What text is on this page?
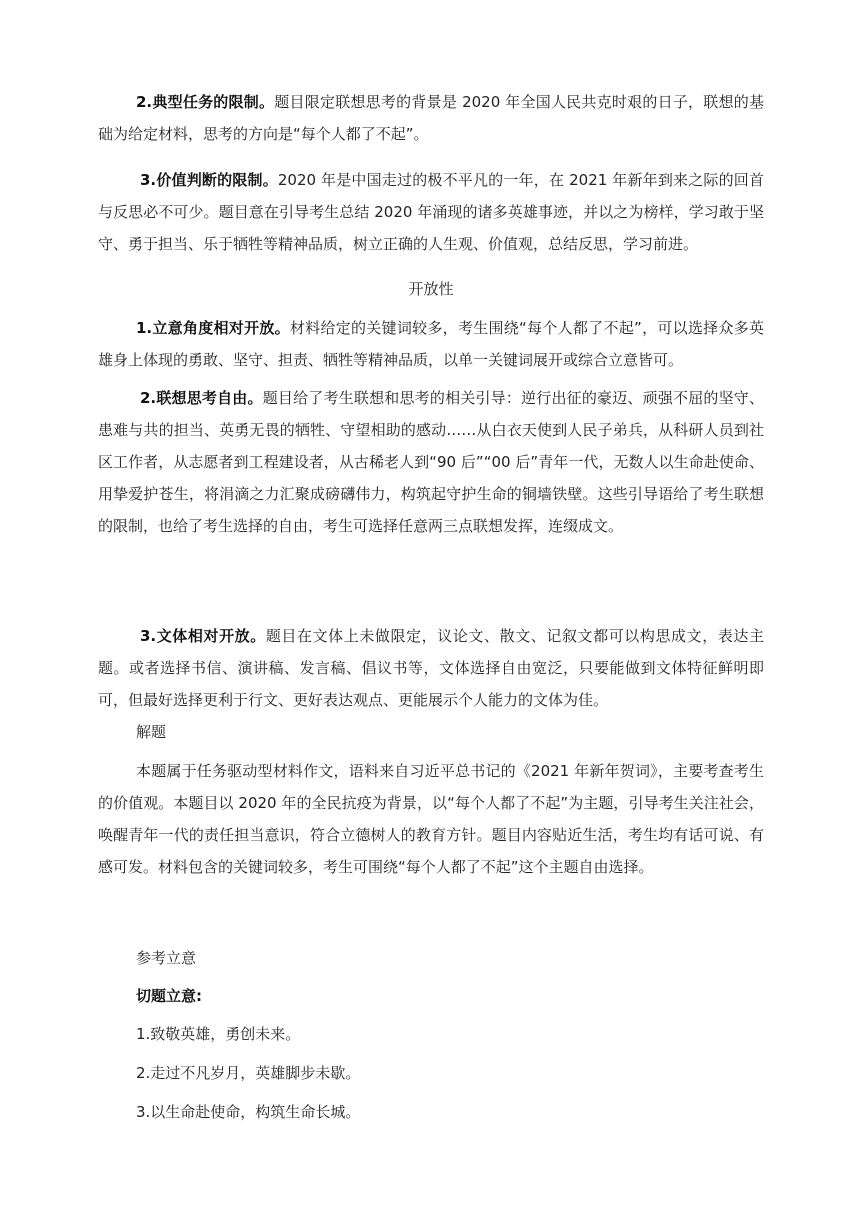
2.典型任务的限制。题目限定联想思考的背景是 2020 年全国人民共克时艰的日子，联想的基础为给定材料，思考的方向是“每个人都了不起”。

3.价值判断的限制。2020 年是中国走过的极不平凡的一年，在 2021 年新年到来之际的回首与反思必不可少。题目意在引导考生总结 2020 年涌现的诸多英雄事迹，并以之为榜样，学习敢于坚守、勇于担当、乐于牺牲等精神品质，树立正确的人生观、价值观，总结反思，学习前进。

开放性

1.立意角度相对开放。材料给定的关键词较多，考生围绕“每个人都了不起”，可以选择众多英雄身上体现的勇敢、坚守、担责、牺牲等精神品质，以单一关键词展开或综合立意皆可。

2.联想思考自由。题目给了考生联想和思考的相关引导：逆行出征的豪迈、顽强不屈的坚守、患难与共的担当、英勇无畏的牺牲、守望相助的感动……从白衣天使到人民子弟兵，从科研人员到社区工作者，从志愿者到工程建设者，从古稀老人到“90 后”“00 后”青年一代，无数人以生命赴使命、用挚爱护苍生，将涓滴之力汇聚成磅礴伟力，构筑起守护生命的铜墙铁壁。这些引导语给了考生联想的限制，也给了考生选择的自由，考生可选择任意两三点联想发挥，连缀成文。

3.文体相对开放。题目在文体上未做限定，议论文、散文、记叙文都可以构思成文，表达主题。或者选择书信、演讲稿、发言稿、倡议书等，文体选择自由宽泛，只要能做到文体特征鲜明即可，但最好选择更利于行文、更好表达观点、更能展示个人能力的文体为佳。

解题

本题属于任务驱动型材料作文，语料来自习近平总书记的《2021 年新年贺词》，主要考查考生的价值观。本题目以 2020 年的全民抗疫为背景，以“每个人都了不起”为主题，引导考生关注社会，唤醒青年一代的责任担当意识，符合立德树人的教育方针。题目内容贴近生活，考生均有话可说、有感可发。材料包含的关键词较多，考生可围绕“每个人都了不起”这个主题自由选择。

参考立意

切题立意:

1.致敬英雄，勇创未来。

2.走过不凡岁月，英雄脚步未歇。

3.以生命赴使命，构筑生命长城。
